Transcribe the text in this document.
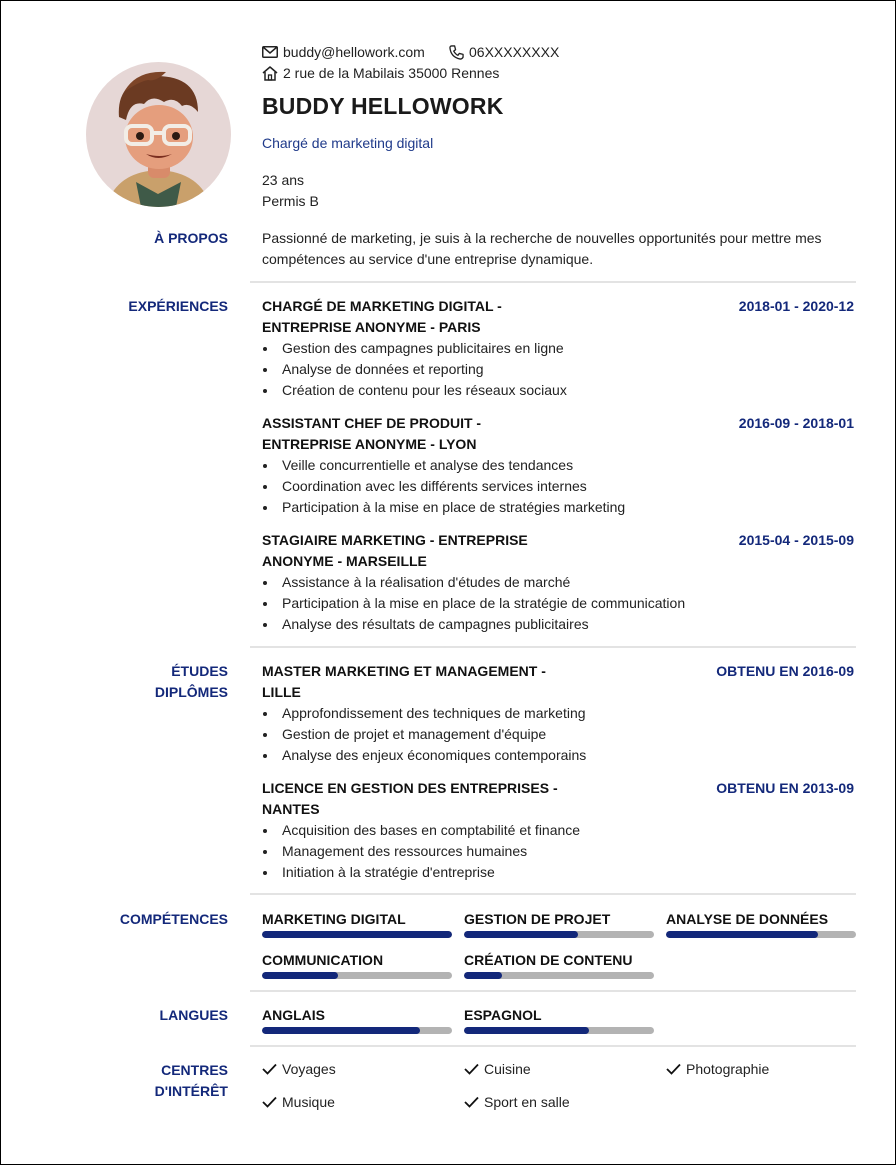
buddy@hellowork.com	06XXXXXXXX
2 rue de la Mabilais 35000 Rennes
BUDDY HELLOWORK
Chargé de marketing digital
23 ans
Permis B
À PROPOS Passionné de marketing, je suis à la recherche de nouvelles opportunités pour mettre mes compétences au service d'une entreprise dynamique.
EXPÉRIENCES CHARGÉ DE MARKETING DIGITAL -
ENTREPRISE ANONYME - PARIS
2018-01 - 2020-12
Gestion des campagnes publicitaires en ligne
Analyse de données et reporting
Création de contenu pour les réseaux sociaux
ASSISTANT CHEF DE PRODUIT -
ENTREPRISE ANONYME - LYON
2016-09 - 2018-01
Veille concurrentielle et analyse des tendances
Coordination avec les différents services internes
Participation à la mise en place de stratégies marketing
STAGIAIRE MARKETING - ENTREPRISE
ANONYME - MARSEILLE
2015-04 - 2015-09
Assistance à la réalisation d'études de marché
Participation à la mise en place de la stratégie de communication
Analyse des résultats de campagnes publicitaires
ÉTUDES
DIPLÔMES
MASTER MARKETING ET MANAGEMENT -
LILLE
OBTENU EN 2016-09
Approfondissement des techniques de marketing
Gestion de projet et management d'équipe
Analyse des enjeux économiques contemporains
LICENCE EN GESTION DES ENTREPRISES -
NANTES
OBTENU EN 2013-09
Acquisition des bases en comptabilité et finance
Management des ressources humaines
Initiation à la stratégie d'entreprise
COMPÉTENCES MARKETING DIGITAL	GESTION DE PROJET	ANALYSE DE DONNÉES
COMMUNICATION	CRÉATION DE CONTENU
LANGUES ANGLAIS	ESPAGNOL
CENTRES
D'INTÉRÊT
Voyages	Cuisine	Photographie
Musique	Sport en salle
